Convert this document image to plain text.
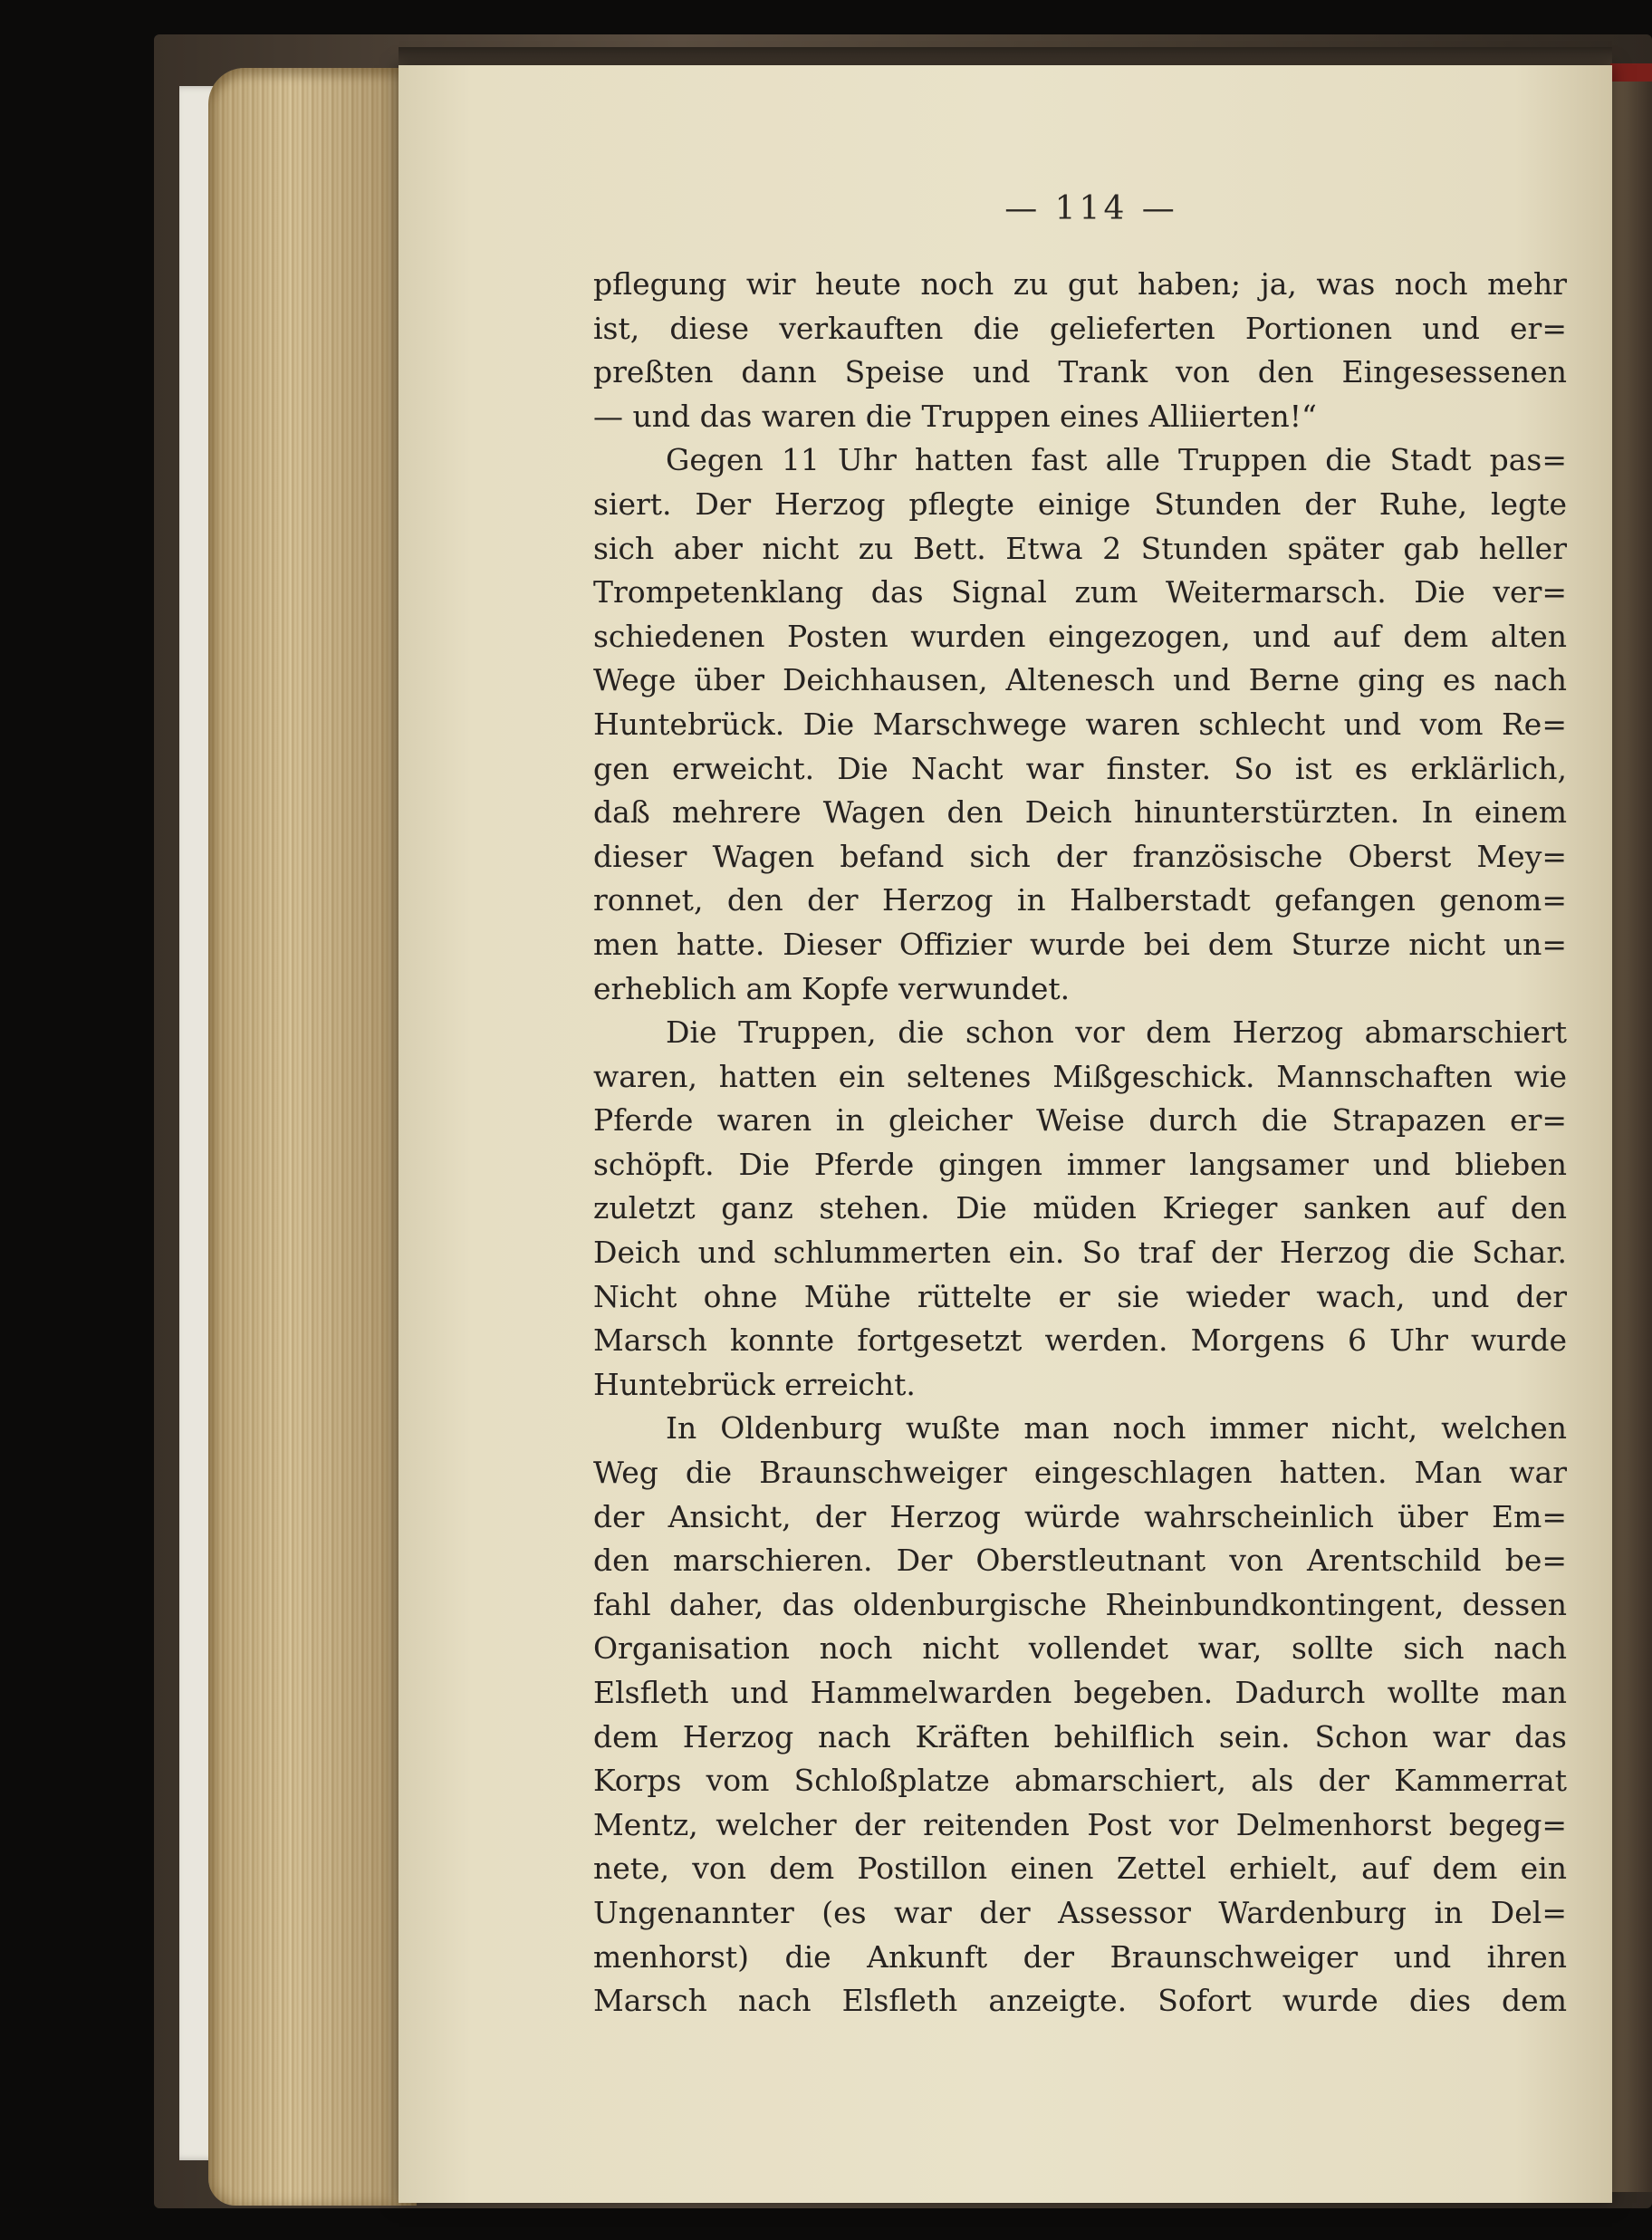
— 114 —
pflegung wir heute noch zu gut haben; ja, was noch mehr
ist, diese verkauften die gelieferten Portionen und er=
preßten dann Speise und Trank von den Eingesessenen
— und das waren die Truppen eines Alliierten!“
Gegen 11 Uhr hatten fast alle Truppen die Stadt pas=
siert. Der Herzog pflegte einige Stunden der Ruhe, legte
sich aber nicht zu Bett. Etwa 2 Stunden später gab heller
Trompetenklang das Signal zum Weitermarsch. Die ver=
schiedenen Posten wurden eingezogen, und auf dem alten
Wege über Deichhausen, Altenesch und Berne ging es nach
Huntebrück. Die Marschwege waren schlecht und vom Re=
gen erweicht. Die Nacht war finster. So ist es erklärlich,
daß mehrere Wagen den Deich hinunterstürzten. In einem
dieser Wagen befand sich der französische Oberst Mey=
ronnet, den der Herzog in Halberstadt gefangen genom=
men hatte. Dieser Offizier wurde bei dem Sturze nicht un=
erheblich am Kopfe verwundet.
Die Truppen, die schon vor dem Herzog abmarschiert
waren, hatten ein seltenes Mißgeschick. Mannschaften wie
Pferde waren in gleicher Weise durch die Strapazen er=
schöpft. Die Pferde gingen immer langsamer und blieben
zuletzt ganz stehen. Die müden Krieger sanken auf den
Deich und schlummerten ein. So traf der Herzog die Schar.
Nicht ohne Mühe rüttelte er sie wieder wach, und der
Marsch konnte fortgesetzt werden. Morgens 6 Uhr wurde
Huntebrück erreicht.
In Oldenburg wußte man noch immer nicht, welchen
Weg die Braunschweiger eingeschlagen hatten. Man war
der Ansicht, der Herzog würde wahrscheinlich über Em=
den marschieren. Der Oberstleutnant von Arentschild be=
fahl daher, das oldenburgische Rheinbundkontingent, dessen
Organisation noch nicht vollendet war, sollte sich nach
Elsfleth und Hammelwarden begeben. Dadurch wollte man
dem Herzog nach Kräften behilflich sein. Schon war das
Korps vom Schloßplatze abmarschiert, als der Kammerrat
Mentz, welcher der reitenden Post vor Delmenhorst begeg=
nete, von dem Postillon einen Zettel erhielt, auf dem ein
Ungenannter (es war der Assessor Wardenburg in Del=
menhorst) die Ankunft der Braunschweiger und ihren
Marsch nach Elsfleth anzeigte. Sofort wurde dies dem
